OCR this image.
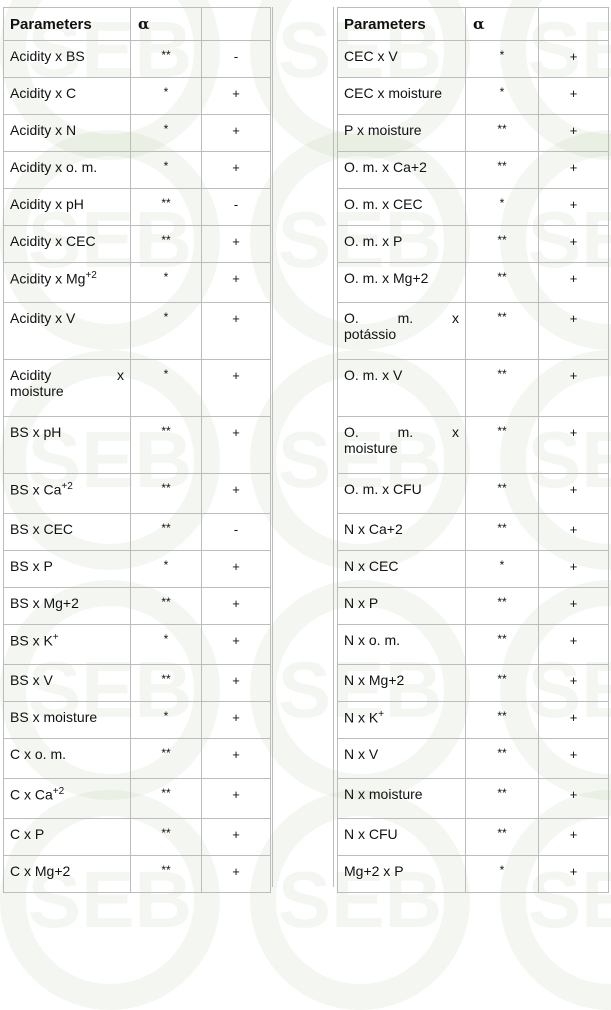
SEB
SEB
SEB
SEB
SEB
SEB
SEB
SEB
SEB
SEB
SEB
SEB
SEB
SEB
SEB
Parameters	α	
Acidity x BS	**	-
Acidity x C	*	+
Acidity x N	*	+
Acidity x o. m.	*	+
Acidity x pH	**	-
Acidity x CEC	**	+
Acidity x $Mg^{+2}$	*	+
Acidity x V	*	+

Acidity x
moisture	*	+
BS x pH	**	+
BS x $Ca^{+2}$	**	+
BS x CEC	**	-
BS x P	*	+
BS x Mg+2	**	+
BS x K+	*	+
BS x V	**	+
BS x moisture	*	+
C x o. m.	**	+
C x $Ca^{+2}$	**	+
C x P	**	+
C x Mg+2	**	+
Parameters	α	
CEC x V	*	+
CEC x moisture	*	+
P x moisture	**	+
O. m. x Ca+2	**	+
O. m. x CEC	*	+
O. m. x P	**	+
O. m. x Mg+2	**	+

O. m. x
potássio	**	+
O. m. x V	**	+

O. m. x
moisture	**	+
O. m. x CFU	**	+
N x Ca+2	**	+
N x CEC	*	+
N x P	**	+
N x o. m.	**	+
N x Mg+2	**	+
N x K+	**	+
N x V	**	+
N x moisture	**	+
N x CFU	**	+
Mg+2 x P	*	+
